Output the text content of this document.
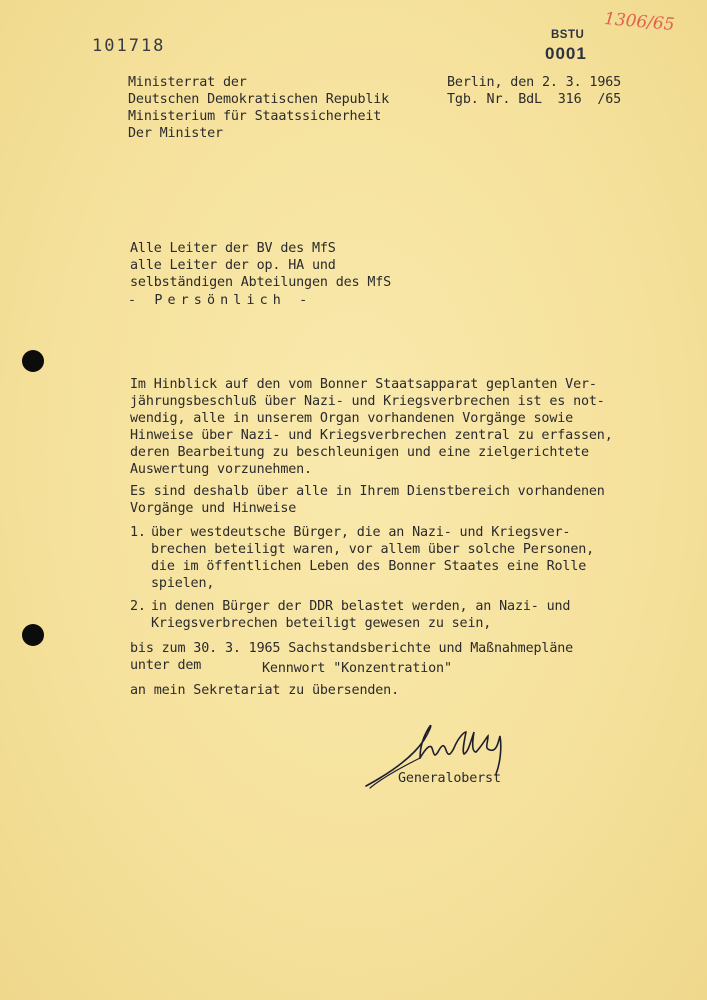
101718
BSTU
0001
1306/65
Ministerrat der
Deutschen Demokratischen Republik
Ministerium für Staatssicherheit
Der Minister
Berlin, den 2. 3. 1965
Tgb. Nr. BdL  316  /65
Alle Leiter der BV des MfS
alle Leiter der op. HA und
selbständigen Abteilungen des MfS
- Persönlich -
Im Hinblick auf den vom Bonner Staatsapparat geplanten Ver-
jährungsbeschluß über Nazi- und Kriegsverbrechen ist es not-
wendig, alle in unserem Organ vorhandenen Vorgänge sowie
Hinweise über Nazi- und Kriegsverbrechen zentral zu erfassen,
deren Bearbeitung zu beschleunigen und eine zielgerichtete
Auswertung vorzunehmen.
Es sind deshalb über alle in Ihrem Dienstbereich vorhandenen
Vorgänge und Hinweise
1. über westdeutsche Bürger, die an Nazi- und Kriegsver-
brechen beteiligt waren, vor allem über solche Personen,
die im öffentlichen Leben des Bonner Staates eine Rolle
spielen,
2. in denen Bürger der DDR belastet werden, an Nazi- und
Kriegsverbrechen beteiligt gewesen zu sein,
bis zum 30. 3. 1965 Sachstandsberichte und Maßnahmepläne
unter dem	Kennwort "Konzentration"
an mein Sekretariat zu übersenden.
Generaloberst
